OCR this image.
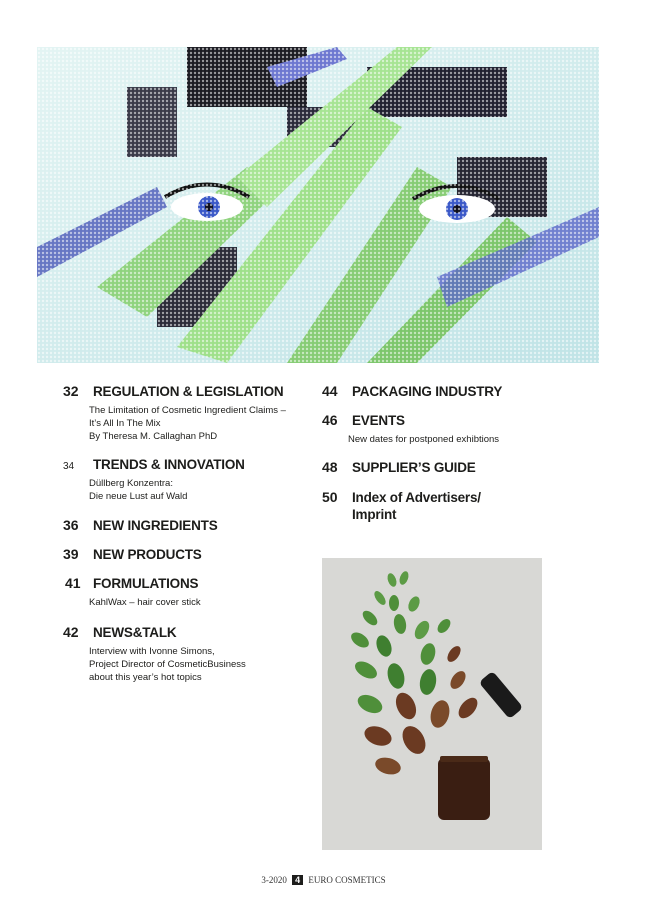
32	REGULATION & LEGISLATION
The Limitation of Cosmetic Ingredient Claims –
It’s All In The Mix
By Theresa M. Callaghan PhD
34	TRENDS & INNOVATION
Düllberg Konzentra:
Die neue Lust auf Wald
36	NEW INGREDIENTS
39	NEW PRODUCTS
41 FORMULATIONS
KahlWax – hair cover stick
42	NEWS&TALK
Interview with Ivonne Simons,
Project Director of CosmeticBusiness
about this year’s hot topics
44	PACKAGING INDUSTRY
46	EVENTS
New dates for postponed exhibtions
48	SUPPLIER’S GUIDE
50	Index of Advertisers/
Imprint
3-2020 4 EURO COSMETICS
